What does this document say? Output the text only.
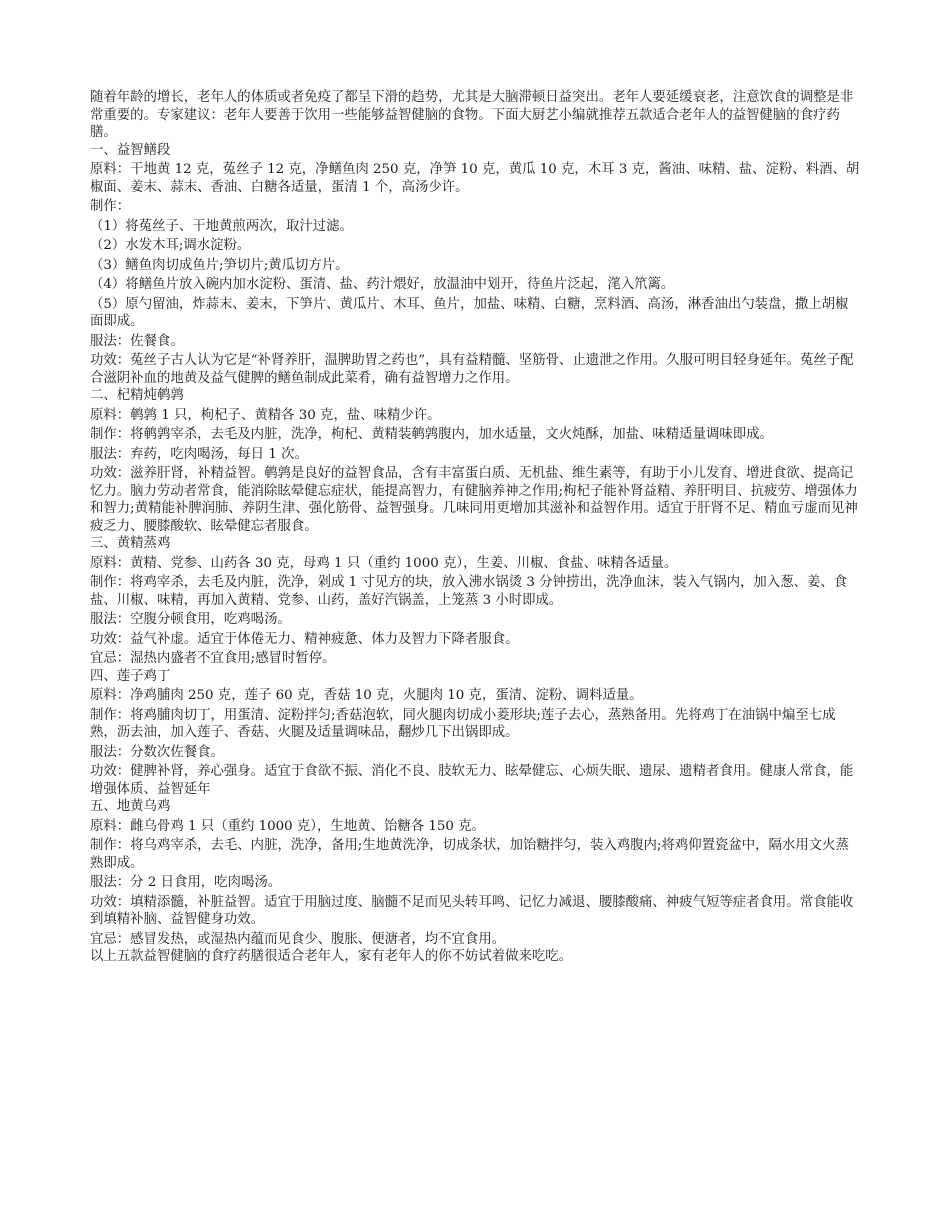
随着年龄的增长，老年人的体质或者免疫了都呈下滑的趋势，尤其是大脑滞顿日益突出。老年人要延缓衰老，注意饮食的调整是非常重要的。专家建议：老年人要善于饮用一些能够益智健脑的食物。下面大厨艺小编就推荐五款适合老年人的益智健脑的食疗药膳。

一、益智鳝段

原料：干地黄 12 克，菟丝子 12 克，净鳝鱼肉 250 克，净笋 10 克，黄瓜 10 克，木耳 3 克，酱油、味精、盐、淀粉、料酒、胡椒面、姜末、蒜末、香油、白糖各适量，蛋清 1 个，高汤少许。

制作：

（1）将菟丝子、干地黄煎两次，取汁过滤。

（2）水发木耳;调水淀粉。

（3）鳝鱼肉切成鱼片;笋切片;黄瓜切方片。

（4）将鳝鱼片放入碗内加水淀粉、蛋清、盐、药汁煨好，放温油中划开，待鱼片泛起，滗入笊篱。

（5）原勺留油，炸蒜末、姜末，下笋片、黄瓜片、木耳、鱼片，加盐、味精、白糖，烹料酒、高汤，淋香油出勺装盘，撒上胡椒面即成。

服法：佐餐食。

功效：菟丝子古人认为它是“补肾养肝，温脾助胃之药也”，具有益精髓、坚筋骨、止遗泄之作用。久服可明目轻身延年。菟丝子配合滋阴补血的地黄及益气健脾的鳝鱼制成此菜肴，确有益智增力之作用。

二、杞精炖鹌鹑

原料：鹌鹑 1 只，枸杞子、黄精各 30 克，盐、味精少许。

制作：将鹌鹑宰杀，去毛及内脏，洗净，枸杞、黄精装鹌鹑腹内，加水适量，文火炖酥，加盐、味精适量调味即成。

服法：弃药，吃肉喝汤，每日 1 次。

功效：滋养肝肾，补精益智。鹌鹑是良好的益智食品，含有丰富蛋白质、无机盐、维生素等，有助于小儿发育、增进食欲、提高记忆力。脑力劳动者常食，能消除眩晕健忘症状，能提高智力，有健脑养神之作用;枸杞子能补肾益精、养肝明目、抗疲劳、增强体力和智力;黄精能补脾润肺、养阴生津、强化筋骨、益智强身。几味同用更增加其滋补和益智作用。适宜于肝肾不足、精血亏虚而见神疲乏力、腰膝酸软、眩晕健忘者服食。

三、黄精蒸鸡

原料：黄精、党参、山药各 30 克，母鸡 1 只（重约 1000 克），生姜、川椒、食盐、味精各适量。

制作：将鸡宰杀，去毛及内脏，洗净，剁成 1 寸见方的块，放入沸水锅烫 3 分钟捞出，洗净血沫，装入气锅内，加入葱、姜、食盐、川椒、味精，再加入黄精、党参、山药，盖好汽锅盖，上笼蒸 3 小时即成。

服法：空腹分顿食用，吃鸡喝汤。

功效：益气补虚。适宜于体倦无力、精神疲惫、体力及智力下降者服食。

宜忌：湿热内盛者不宜食用;感冒时暂停。

四、莲子鸡丁

原料：净鸡脯肉 250 克，莲子 60 克，香菇 10 克，火腿肉 10 克，蛋清、淀粉、调料适量。

制作：将鸡脯肉切丁，用蛋清、淀粉拌匀;香菇泡软，同火腿肉切成小菱形块;莲子去心，蒸熟备用。先将鸡丁在油锅中煸至七成熟，沥去油，加入莲子、香菇、火腿及适量调味品，翻炒几下出锅即成。

服法：分数次佐餐食。

功效：健脾补肾，养心强身。适宜于食欲不振、消化不良、肢软无力、眩晕健忘、心烦失眠、遗尿、遗精者食用。健康人常食，能增强体质、益智延年

五、地黄乌鸡

原料：雌乌骨鸡 1 只（重约 1000 克），生地黄、饴糖各 150 克。

制作：将乌鸡宰杀，去毛、内脏，洗净，备用;生地黄洗净，切成条状，加饴糖拌匀，装入鸡腹内;将鸡仰置瓷盆中，隔水用文火蒸熟即成。

服法：分 2 日食用，吃肉喝汤。

功效：填精添髓，补脏益智。适宜于用脑过度、脑髓不足而见头转耳鸣、记忆力减退、腰膝酸痛、神疲气短等症者食用。常食能收到填精补脑、益智健身功效。

宜忌：感冒发热，或湿热内蕴而见食少、腹胀、便溏者，均不宜食用。

以上五款益智健脑的食疗药膳很适合老年人，家有老年人的你不妨试着做来吃吃。
